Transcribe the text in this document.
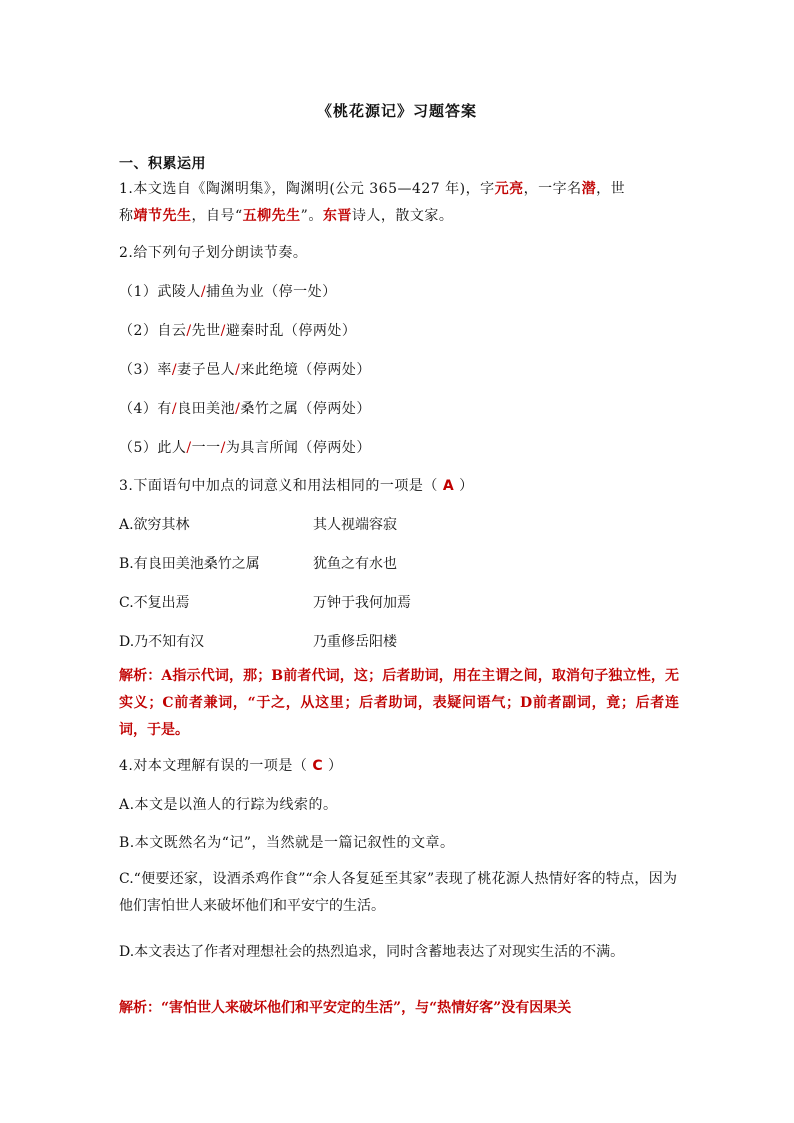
《桃花源记》习题答案
一、积累运用
1.本文选自《陶渊明集》，陶渊明(公元 365—427 年)，字元亮，一字名潜，世
称靖节先生，自号“五柳先生”。东晋诗人，散文家。
2.给下列句子划分朗读节奏。
（1）武陵人/捕鱼为业（停一处）
（2）自云/先世/避秦时乱（停两处）
（3）率/妻子邑人/来此绝境（停两处）
（4）有/良田美池/桑竹之属（停两处）
（5）此人/一一/为具言所闻（停两处）
3.下面语句中加点的词意义和用法相同的一项是（ A ）
A.欲穷其林	其人视端容寂
B.有良田美池桑竹之属	犹鱼之有水也
C.不复出焉	万钟于我何加焉
D.乃不知有汉	乃重修岳阳楼
解析：A指示代词，那；B前者代词，这；后者助词，用在主谓之间，取消句子独立性，无实义；C前者兼词，“于之，从这里；后者助词，表疑问语气；D前者副词，竟；后者连词，于是。
4.对本文理解有误的一项是（ C ）
A.本文是以渔人的行踪为线索的。
B.本文既然名为“记”，当然就是一篇记叙性的文章。
C.“便要还家，设酒杀鸡作食”“余人各复延至其家”表现了桃花源人热情好客的特点，因为他们害怕世人来破坏他们和平安宁的生活。
D.本文表达了作者对理想社会的热烈追求，同时含蓄地表达了对现实生活的不满。
解析：“害怕世人来破坏他们和平安定的生活”，与“热情好客”没有因果关
